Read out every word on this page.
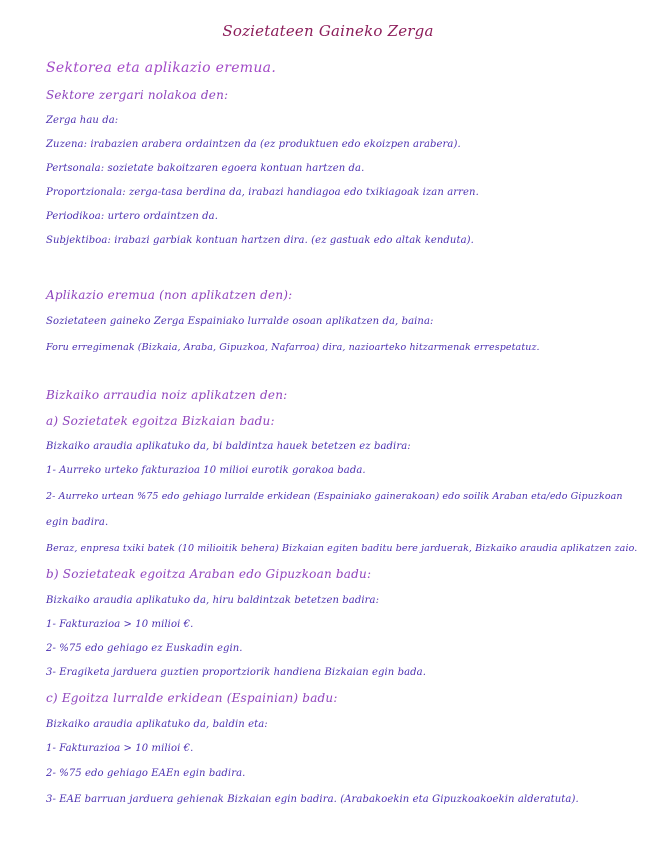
Sozietateen Gaineko Zerga
Sektorea eta aplikazio eremua.
Sektore zergari nolakoa den:
Zerga hau da:
Zuzena: irabazien arabera ordaintzen da (ez produktuen edo ekoizpen arabera).
Pertsonala: sozietate bakoitzaren egoera kontuan hartzen da.
Proportzionala: zerga-tasa berdina da, irabazi handiagoa edo txikiagoak izan arren.
Periodikoa: urtero ordaintzen da.
Subjektiboa: irabazi garbiak kontuan hartzen dira. (ez gastuak edo altak kenduta).
Aplikazio eremua (non aplikatzen den):
Sozietateen gaineko Zerga Espainiako lurralde osoan aplikatzen da, baina:
Foru erregimenak (Bizkaia, Araba, Gipuzkoa, Nafarroa) dira, nazioarteko hitzarmenak errespetatuz.
Bizkaiko arraudia noiz aplikatzen den:
a) Sozietatek egoitza Bizkaian badu:
Bizkaiko araudia aplikatuko da, bi baldintza hauek betetzen ez badira:
1- Aurreko urteko fakturazioa 10 milioi eurotik gorakoa bada.
2- Aurreko urtean %75 edo gehiago lurralde erkidean (Espainiako gainerakoan) edo soilik Araban eta/edo Gipuzkoan
egin badira.
Beraz, enpresa txiki batek (10 milioitik behera) Bizkaian egiten baditu bere jarduerak, Bizkaiko araudia aplikatzen zaio.
b) Sozietateak egoitza Araban edo Gipuzkoan badu:
Bizkaiko araudia aplikatuko da, hiru baldintzak betetzen badira:
1- Fakturazioa > 10 milioi €.
2- %75 edo gehiago ez Euskadin egin.
3- Eragiketa jarduera guztien proportziorik handiena Bizkaian egin bada.
c) Egoitza lurralde erkidean (Espainian) badu:
Bizkaiko araudia aplikatuko da, baldin eta:
1- Fakturazioa > 10 milioi €.
2- %75 edo gehiago EAEn egin badira.
3- EAE barruan jarduera gehienak Bizkaian egin badira. (Arabakoekin eta Gipuzkoakoekin alderatuta).
